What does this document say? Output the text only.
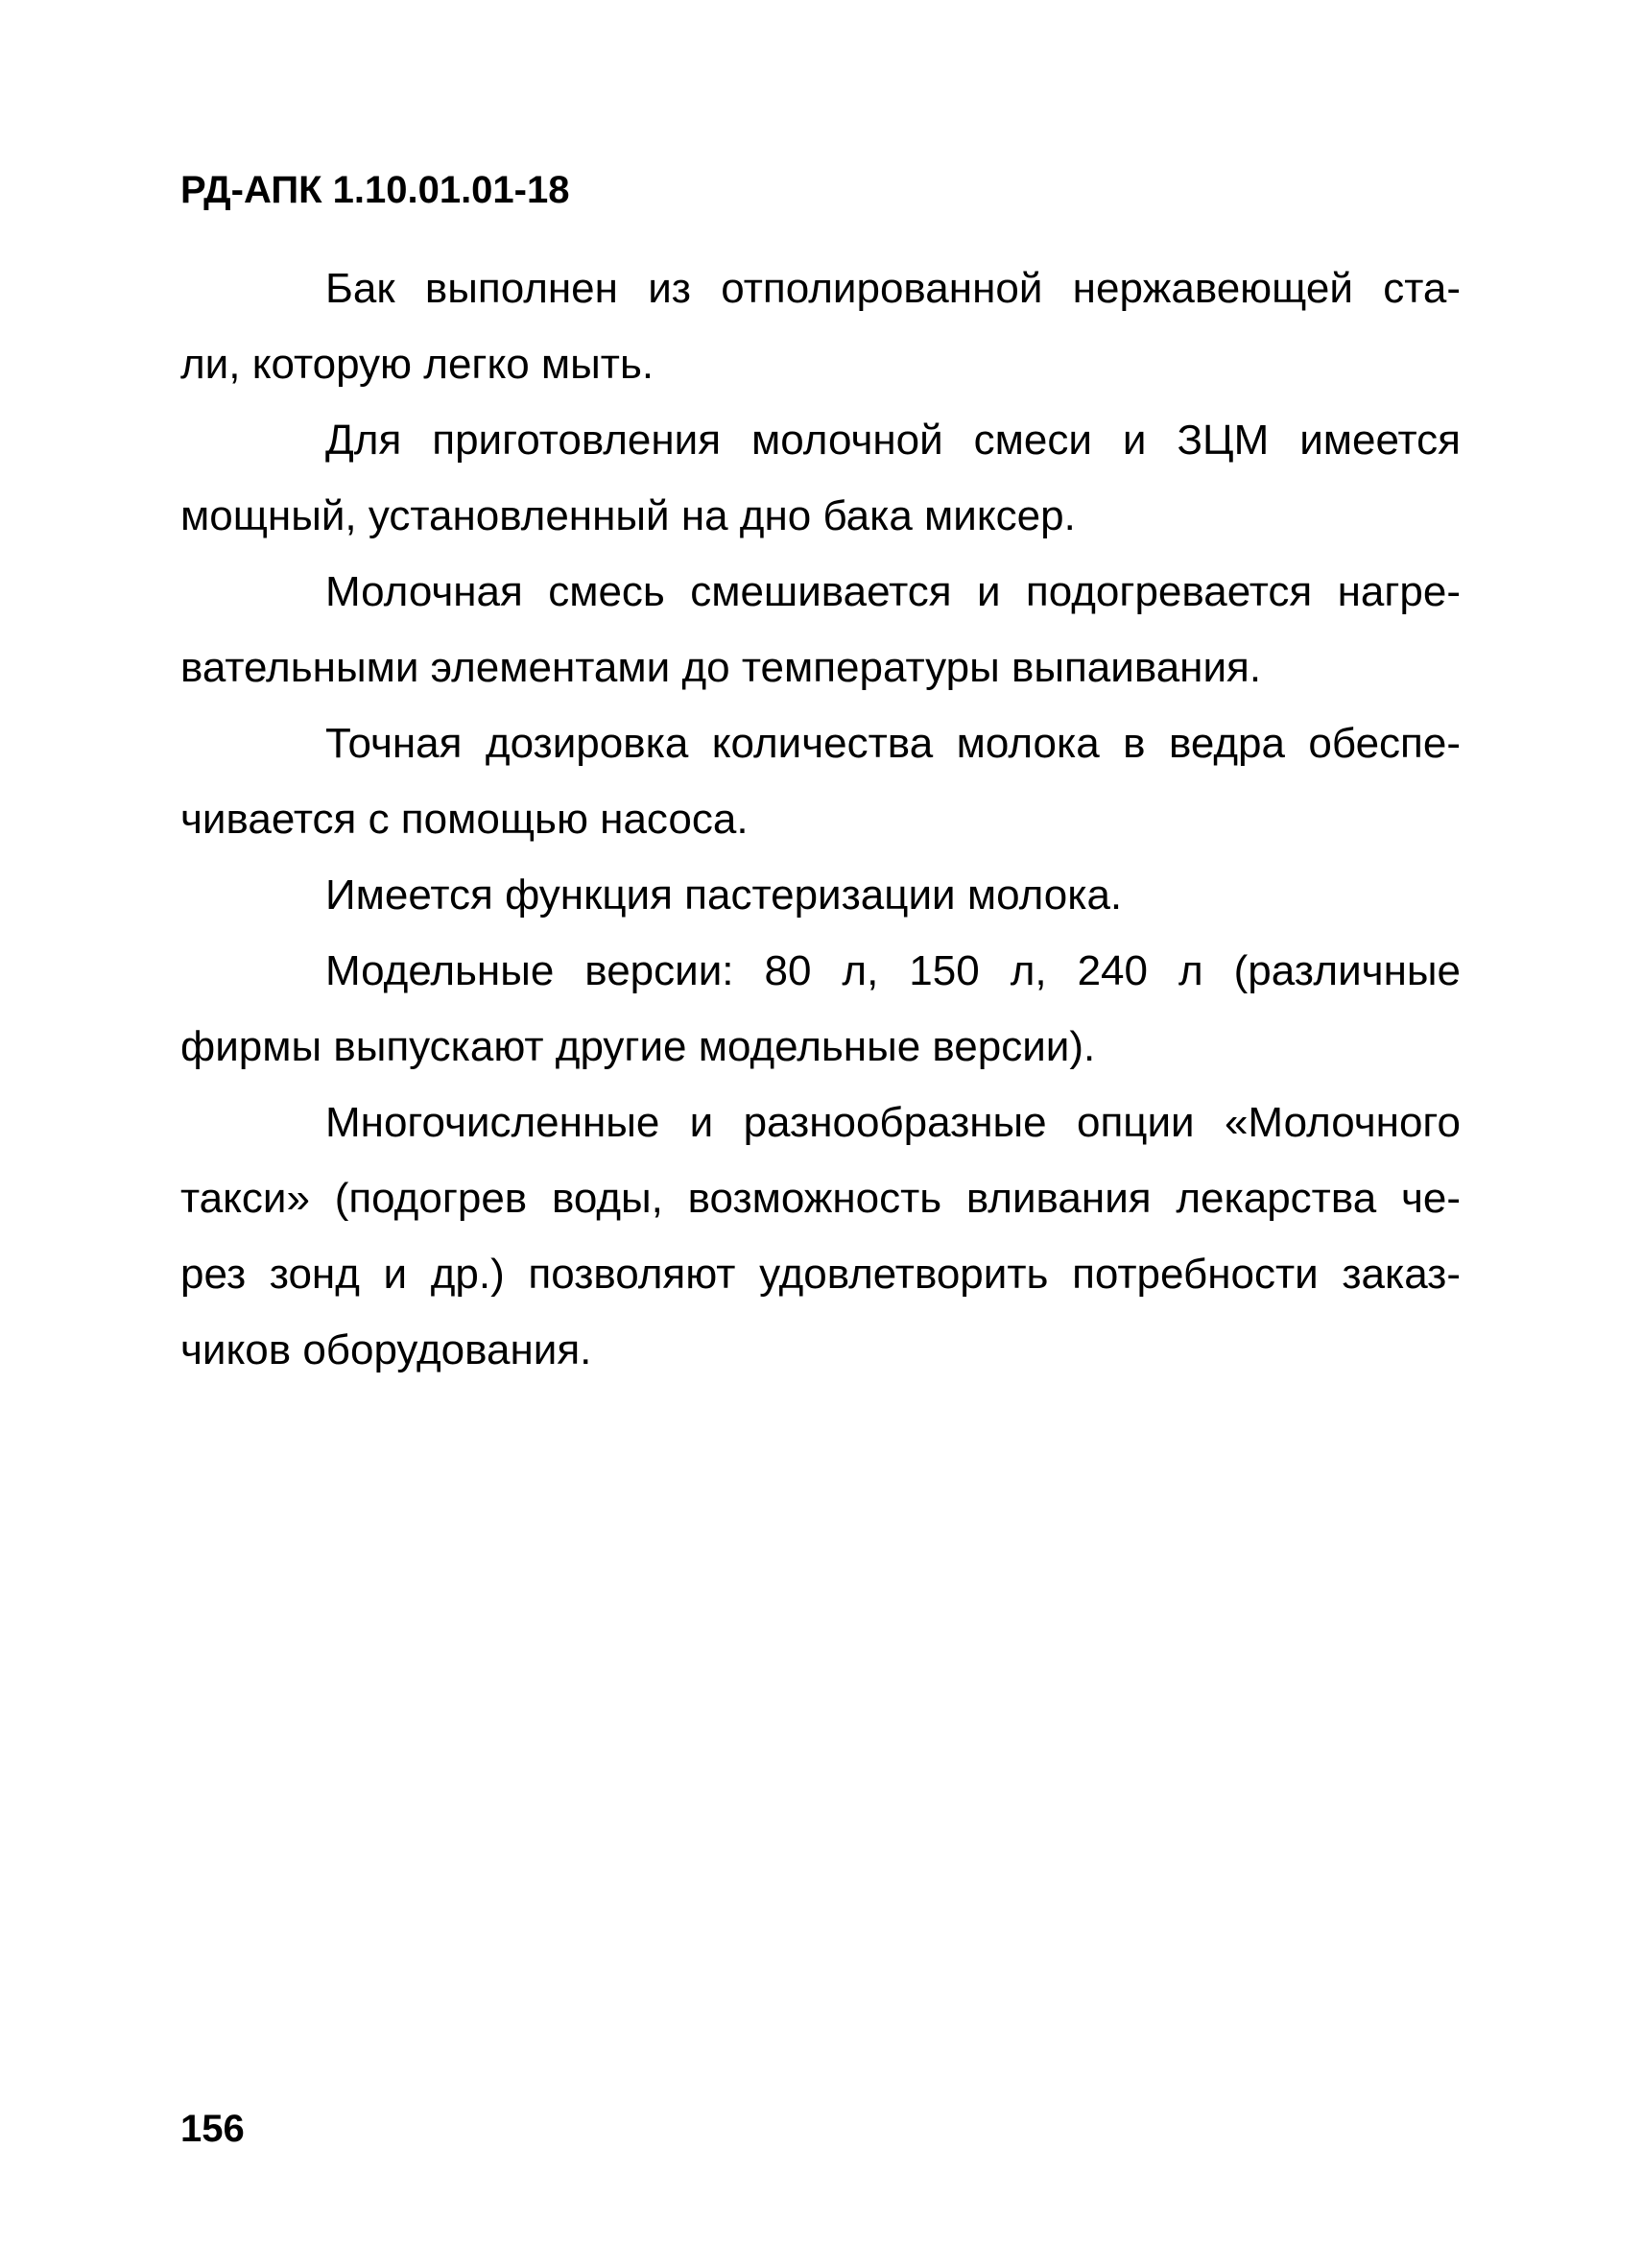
РД-АПК 1.10.01.01-18
Бак выполнен из отполированной нержавеющей ста-
ли, которую легко мыть.
Для приготовления молочной смеси и ЗЦМ имеется
мощный, установленный на дно бака миксер.
Молочная смесь смешивается и подогревается нагре-
вательными элементами до температуры выпаивания.
Точная дозировка количества молока в ведра обеспе-
чивается с помощью насоса.
Имеется функция пастеризации молока.
Модельные версии: 80 л, 150 л, 240 л (различные
фирмы выпускают другие модельные версии).
Многочисленные и разнообразные опции «Молочного
такси» (подогрев воды, возможность вливания лекарства че-
рез зонд и др.) позволяют удовлетворить потребности заказ-
чиков оборудования.
156
